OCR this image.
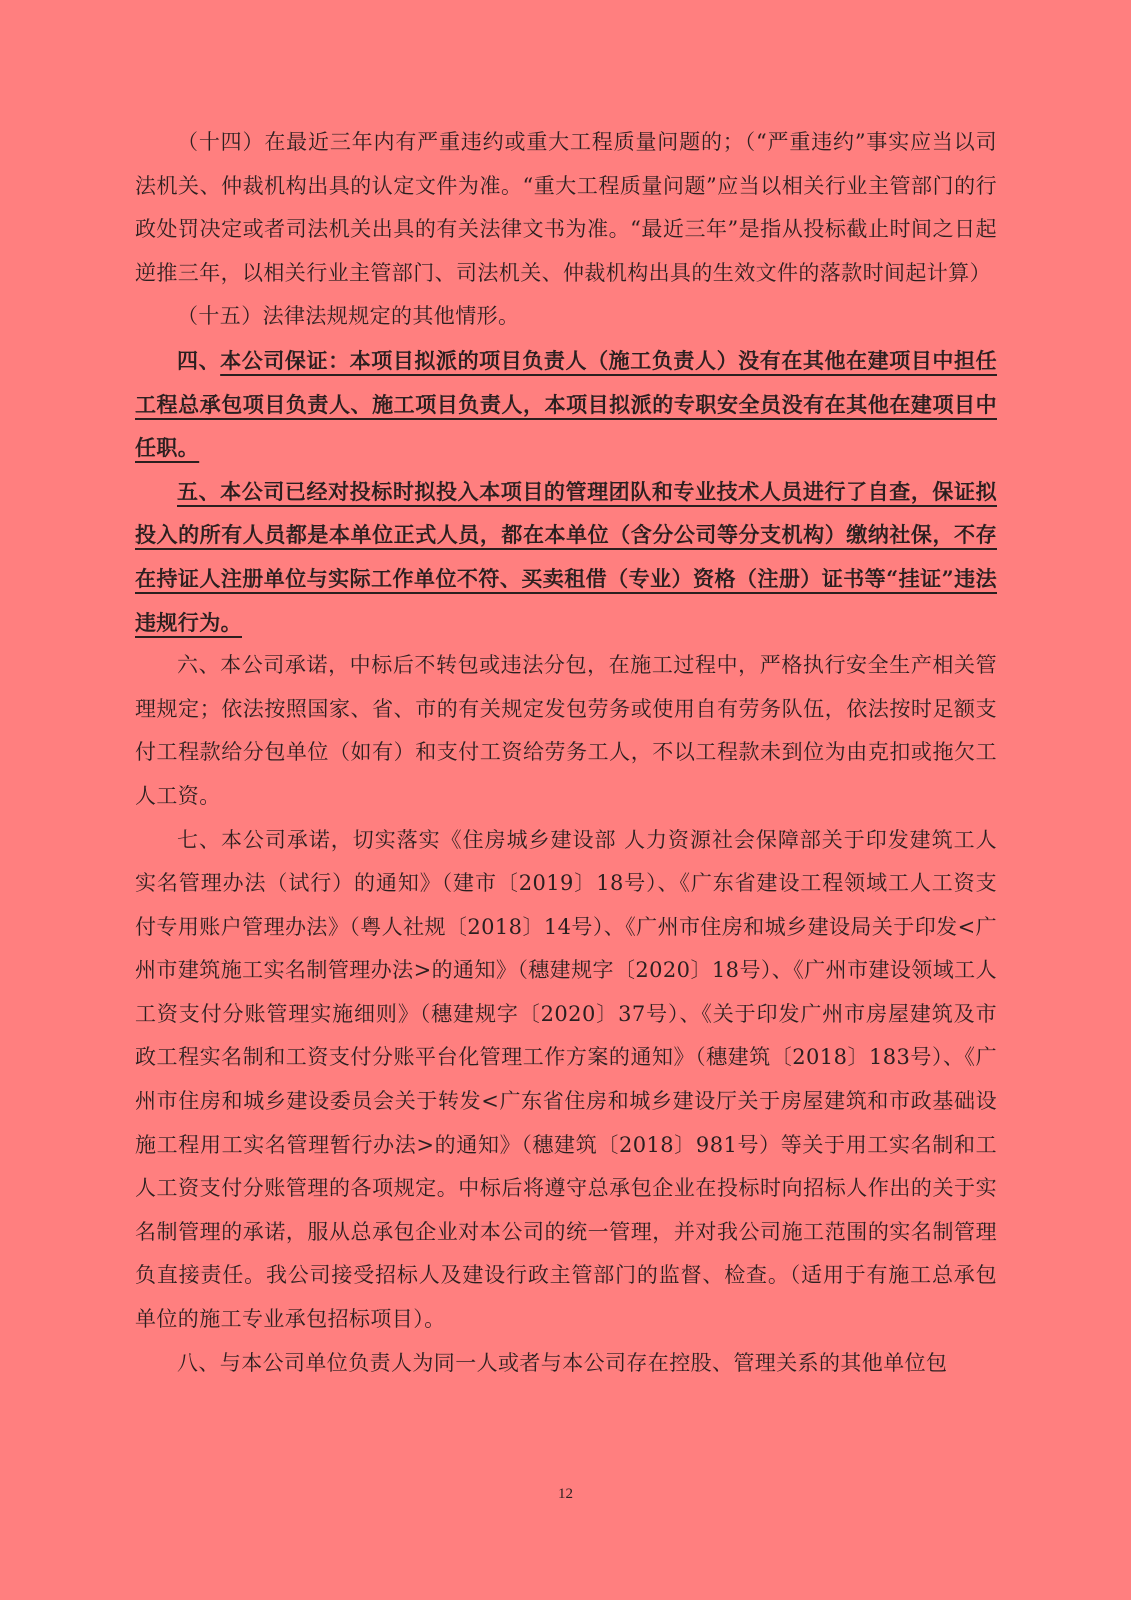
（十四）在最近三年内有严重违约或重大工程质量问题的；（“严重违约”事实应当以司法机关、仲裁机构出具的认定文件为准。“重大工程质量问题”应当以相关行业主管部门的行政处罚决定或者司法机关出具的有关法律文书为准。“最近三年”是指从投标截止时间之日起逆推三年，以相关行业主管部门、司法机关、仲裁机构出具的生效文件的落款时间起计算）

（十五）法律法规规定的其他情形。

四、本公司保证：本项目拟派的项目负责人（施工负责人）没有在其他在建项目中担任工程总承包项目负责人、施工项目负责人，本项目拟派的专职安全员没有在其他在建项目中任职。

五、本公司已经对投标时拟投入本项目的管理团队和专业技术人员进行了自查，保证拟投入的所有人员都是本单位正式人员，都在本单位（含分公司等分支机构）缴纳社保，不存在持证人注册单位与实际工作单位不符、买卖租借（专业）资格（注册）证书等“挂证”违法违规行为。

六、本公司承诺，中标后不转包或违法分包，在施工过程中，严格执行安全生产相关管理规定；依法按照国家、省、市的有关规定发包劳务或使用自有劳务队伍，依法按时足额支付工程款给分包单位（如有）和支付工资给劳务工人，不以工程款未到位为由克扣或拖欠工人工资。

七、本公司承诺，切实落实《住房城乡建设部 人力资源社会保障部关于印发建筑工人实名管理办法（试行）的通知》（建市〔2019〕18号）、《广东省建设工程领域工人工资支付专用账户管理办法》（粤人社规〔2018〕14号）、《广州市住房和城乡建设局关于印发<广州市建筑施工实名制管理办法>的通知》（穗建规字〔2020〕18号）、《广州市建设领域工人工资支付分账管理实施细则》（穗建规字〔2020〕37号）、《关于印发广州市房屋建筑及市政工程实名制和工资支付分账平台化管理工作方案的通知》（穗建筑〔2018〕183号）、《广州市住房和城乡建设委员会关于转发<广东省住房和城乡建设厅关于房屋建筑和市政基础设施工程用工实名管理暂行办法>的通知》（穗建筑〔2018〕981号）等关于用工实名制和工人工资支付分账管理的各项规定。中标后将遵守总承包企业在投标时向招标人作出的关于实名制管理的承诺，服从总承包企业对本公司的统一管理，并对我公司施工范围的实名制管理负直接责任。我公司接受招标人及建设行政主管部门的监督、检查。（适用于有施工总承包单位的施工专业承包招标项目）。

八、与本公司单位负责人为同一人或者与本公司存在控股、管理关系的其他单位包

12
